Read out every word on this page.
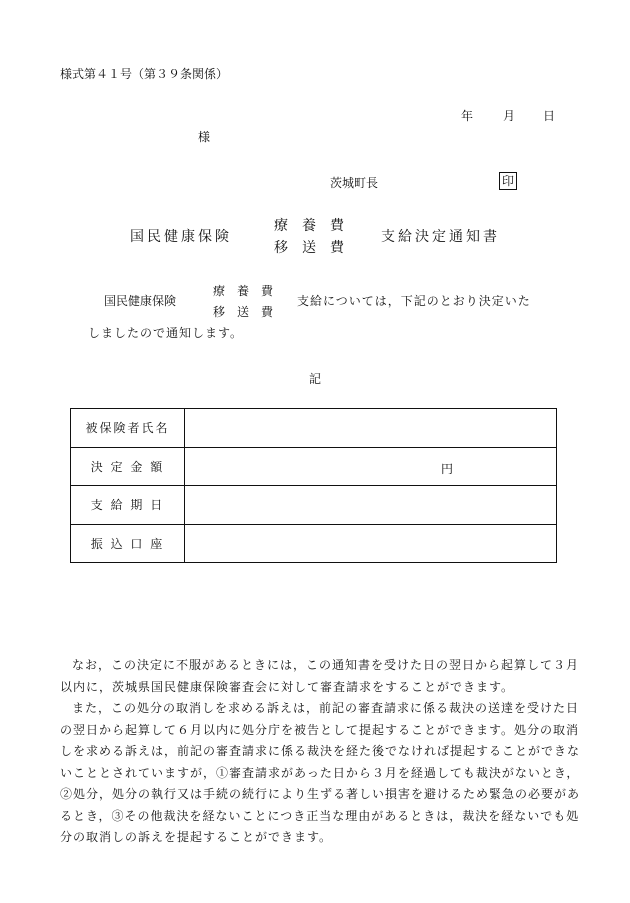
様式第４１号（第３９条関係）
年 月 日
様
茨城町長	印
国民健康保険
療　養　費
移　送　費
支給決定通知書
国民健康保険
療　養　費
移　送　費
支給については，下記のとおり決定いた
しましたので通知します。
記
被保険者氏名	
決 定 金 額	円

支 給 期 日	
振 込 口 座	

なお，この決定に不服があるときには，この通知書を受けた日の翌日から起算して３月以内に，茨城県国民健康保険審査会に対して審査請求をすることができます。

また，この処分の取消しを求める訴えは，前記の審査請求に係る裁決の送達を受けた日の翌日から起算して６月以内に処分庁を被告として提起することができます。処分の取消しを求める訴えは，前記の審査請求に係る裁決を経た後でなければ提起することができないこととされていますが，①審査請求があった日から３月を経過しても裁決がないとき，②処分，処分の執行又は手続の続行により生ずる著しい損害を避けるため緊急の必要があるとき，③その他裁決を経ないことにつき正当な理由があるときは，裁決を経ないでも処分の取消しの訴えを提起することができます。
